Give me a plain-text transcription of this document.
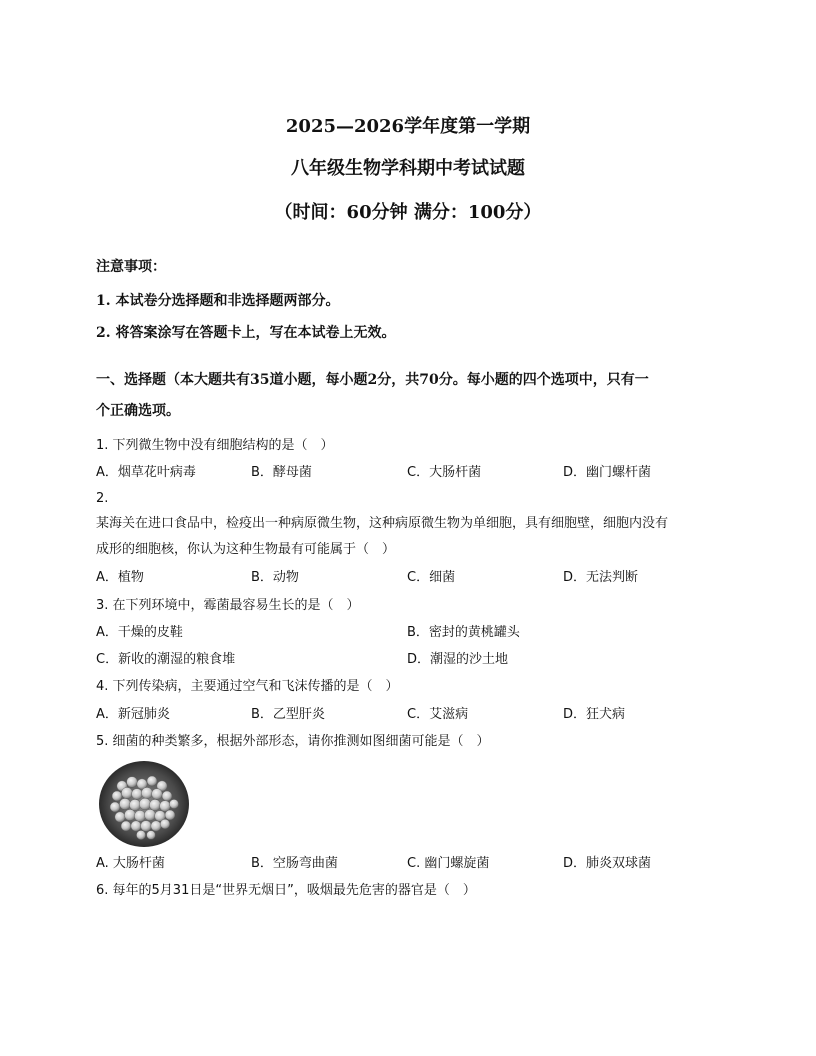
2025—2026学年度第一学期
八年级生物学科期中考试试题
（时间：60分钟 满分：100分）
注意事项：
1. 本试卷分选择题和非选择题两部分。
2. 将答案涂写在答题卡上，写在本试卷上无效。
一、选择题（本大题共有35道小题，每小题2分，共70分。每小题的四个选项中，只有一
个正确选项。
1. 下列微生物中没有细胞结构的是（　）
A．烟草花叶病毒	B．酵母菌	C．大肠杆菌	D．幽门螺杆菌
2.
某海关在进口食品中，检疫出一种病原微生物，这种病原微生物为单细胞，具有细胞壁，细胞内没有
成形的细胞核，你认为这种生物最有可能属于（　）
A．植物	B．动物	C．细菌	D．无法判断
3. 在下列环境中，霉菌最容易生长的是（　）
A．干燥的皮鞋	B．密封的黄桃罐头
C．新收的潮湿的粮食堆	D．潮湿的沙土地
4. 下列传染病，主要通过空气和飞沫传播的是（　）
A．新冠肺炎	B．乙型肝炎	C．艾滋病	D．狂犬病
5. 细菌的种类繁多，根据外部形态，请你推测如图细菌可能是（　）
A. 大肠杆菌	B．空肠弯曲菌	C. 幽门螺旋菌	D．肺炎双球菌
6. 每年的5月31日是“世界无烟日”，吸烟最先危害的器官是（　）
